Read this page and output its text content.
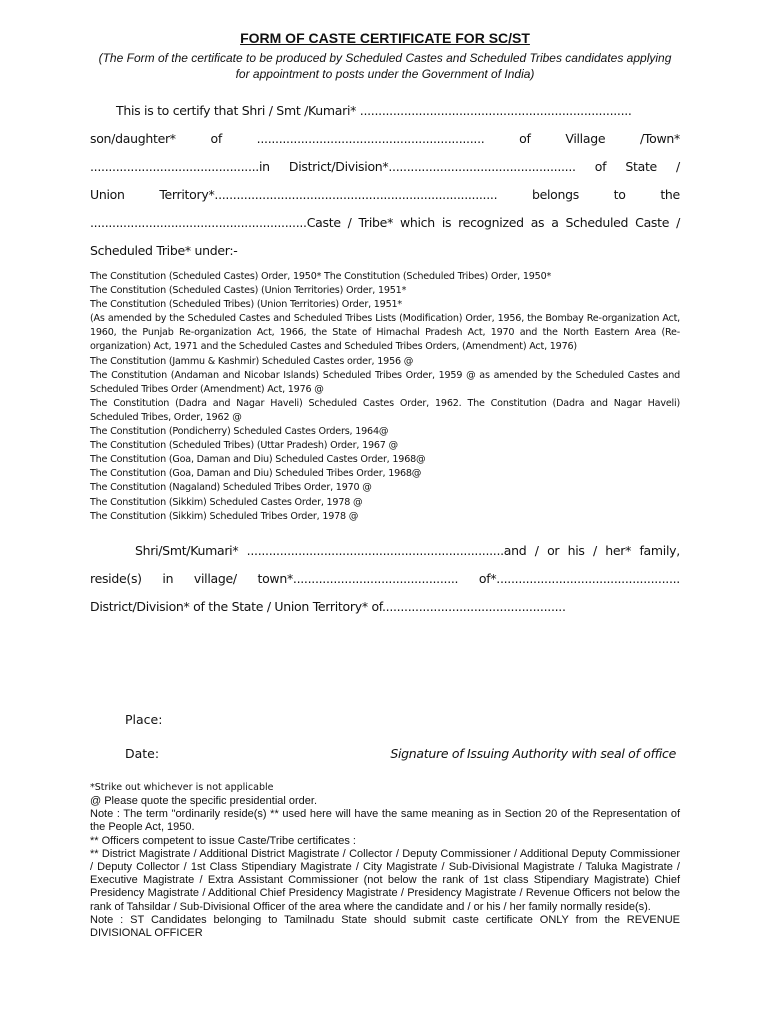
FORM OF CASTE CERTIFICATE FOR SC/ST
(The Form of the certificate to be produced by Scheduled Castes and Scheduled Tribes candidates applying for appointment to posts under the Government of India)
This is to certify that Shri / Smt /Kumari* ..........................................................................
son/daughter*	of	..............................................................	of	Village	/Town*
..............................................in District/Division*................................................... of State /
Union	Territory*.............................................................................	belongs	to	the
...........................................................Caste / Tribe* which is recognized as a Scheduled Caste /
Scheduled Tribe* under:-
The Constitution (Scheduled Castes) Order, 1950* The Constitution (Scheduled Tribes) Order, 1950*
The Constitution (Scheduled Castes) (Union Territories) Order, 1951*
The Constitution (Scheduled Tribes) (Union Territories) Order, 1951*
(As amended by the Scheduled Castes and Scheduled Tribes Lists (Modification) Order, 1956, the Bombay Re-organization Act, 1960, the Punjab Re-organization Act, 1966, the State of Himachal Pradesh Act, 1970 and the North Eastern Area (Re-organization) Act, 1971 and the Scheduled Castes and Scheduled Tribes Orders, (Amendment) Act, 1976)
The Constitution (Jammu & Kashmir) Scheduled Castes order, 1956 @
The Constitution (Andaman and Nicobar Islands) Scheduled Tribes Order, 1959 @ as amended by the Scheduled Castes and Scheduled Tribes Order (Amendment) Act, 1976 @
The Constitution (Dadra and Nagar Haveli) Scheduled Castes Order, 1962. The Constitution (Dadra and Nagar Haveli) Scheduled Tribes, Order, 1962 @
The Constitution (Pondicherry) Scheduled Castes Orders, 1964@
The Constitution (Scheduled Tribes) (Uttar Pradesh) Order, 1967 @
The Constitution (Goa, Daman and Diu) Scheduled Castes Order, 1968@
The Constitution (Goa, Daman and Diu) Scheduled Tribes Order, 1968@
The Constitution (Nagaland) Scheduled Tribes Order, 1970 @
The Constitution (Sikkim) Scheduled Castes Order, 1978 @
The Constitution (Sikkim) Scheduled Tribes Order, 1978 @
Shri/Smt/Kumari* ......................................................................and / or his / her* family,
reside(s) in village/ town*............................................. of*..................................................
District/Division* of the State / Union Territory* of..................................................
Place:
Date:	Signature of Issuing Authority with seal of office
*Strike out whichever is not applicable
@ Please quote the specific presidential order.
Note : The term "ordinarily reside(s) ** used here will have the same meaning as in Section 20 of the Representation of the People Act, 1950.
** Officers competent to issue Caste/Tribe certificates :
** District Magistrate / Additional District Magistrate / Collector / Deputy Commissioner / Additional Deputy Commissioner / Deputy Collector / 1st Class Stipendiary Magistrate / City Magistrate / Sub-Divisional Magistrate / Taluka Magistrate / Executive Magistrate / Extra Assistant Commissioner (not below the rank of 1st class Stipendiary Magistrate) Chief Presidency Magistrate / Additional Chief Presidency Magistrate / Presidency Magistrate / Revenue Officers not below the rank of Tahsildar / Sub-Divisional Officer of the area where the candidate and / or his / her family normally reside(s).
Note : ST Candidates belonging to Tamilnadu State should submit caste certificate ONLY from the REVENUE DIVISIONAL OFFICER
